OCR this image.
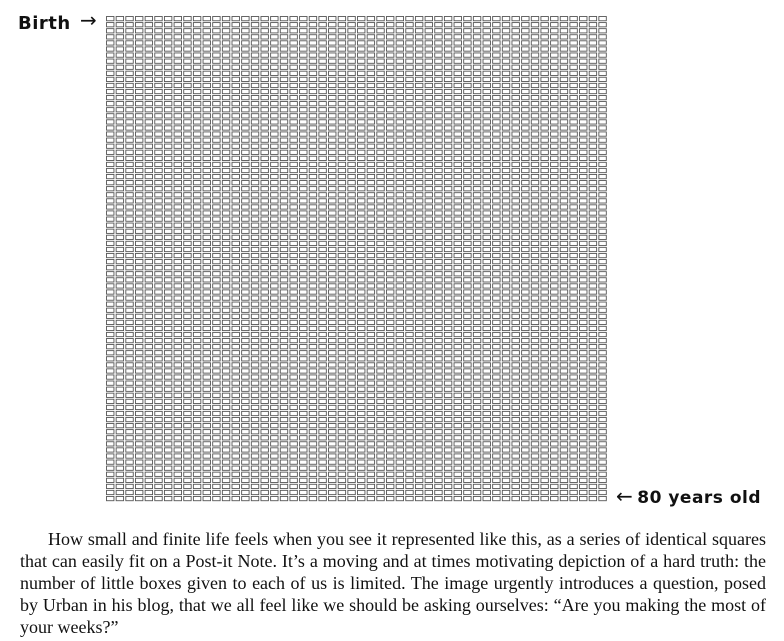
Birth →
← 80 years old

How small and finite life feels when you see it represented like this, as a series of identical squares that can easily fit on a Post-it Note. It’s a moving and at times motivating depiction of a hard truth: the number of little boxes given to each of us is limited. The image urgently introduces a question, posed by Urban in his blog, that we all feel like we should be asking ourselves: “Are you making the most of your weeks?”
